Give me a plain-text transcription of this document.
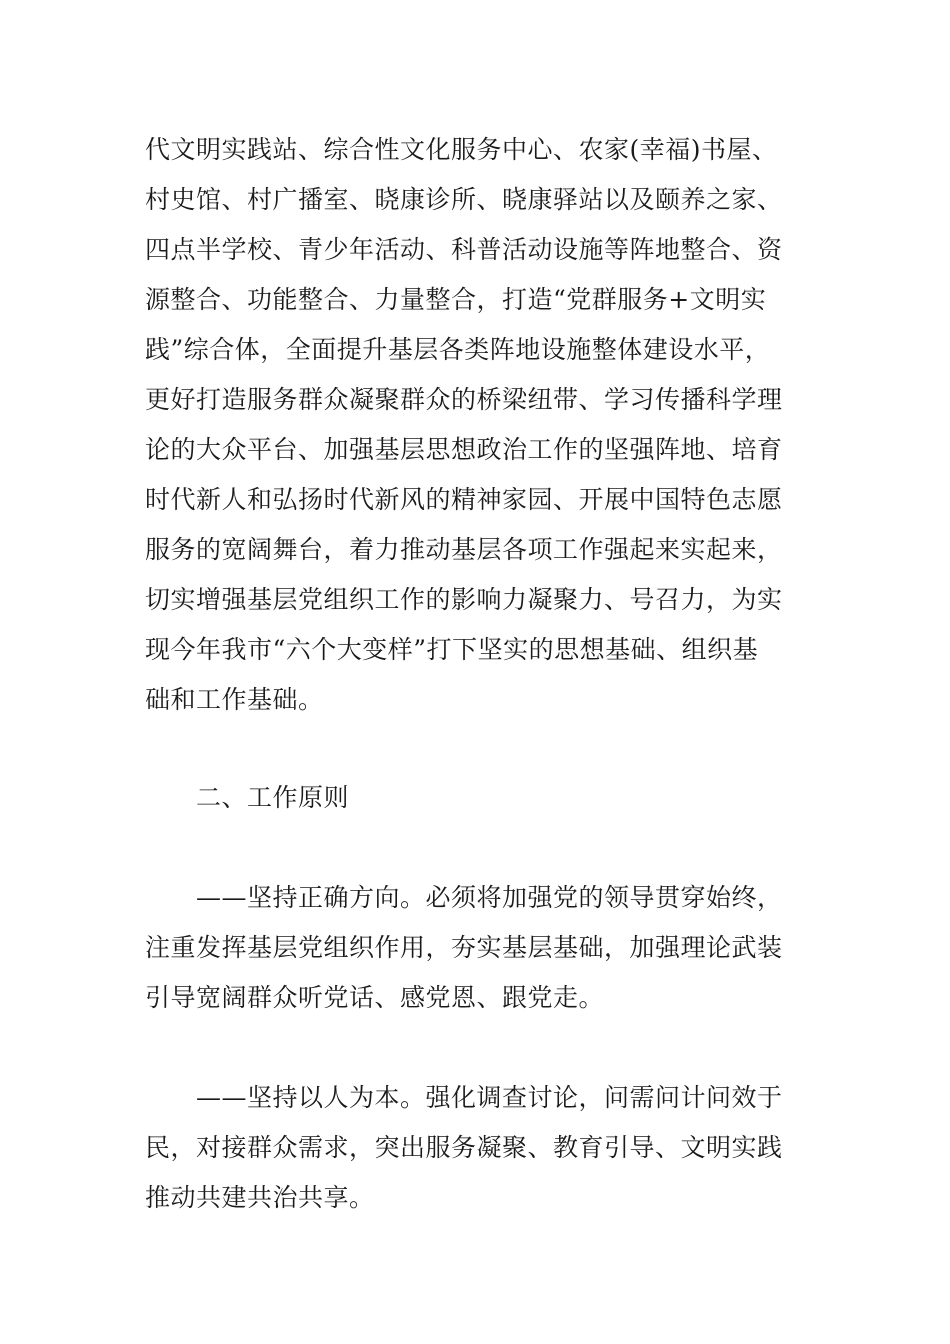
代文明实践站、综合性文化服务中心、农家(幸福)书屋、
村史馆、村广播室、晓康诊所、晓康驿站以及颐养之家、
四点半学校、青少年活动、科普活动设施等阵地整合、资
源整合、功能整合、力量整合，打造“党群服务+文明实
践”综合体，全面提升基层各类阵地设施整体建设水平，
更好打造服务群众凝聚群众的桥梁纽带、学习传播科学理
论的大众平台、加强基层思想政治工作的坚强阵地、培育
时代新人和弘扬时代新风的精神家园、开展中国特色志愿
服务的宽阔舞台，着力推动基层各项工作强起来实起来，
切实增强基层党组织工作的影响力凝聚力、号召力，为实
现今年我市“六个大变样”打下坚实的思想基础、组织基
础和工作基础。
二、工作原则
——坚持正确方向。必须将加强党的领导贯穿始终，
注重发挥基层党组织作用，夯实基层基础，加强理论武装
引导宽阔群众听党话、感党恩、跟党走。
——坚持以人为本。强化调查讨论，问需问计问效于
民，对接群众需求，突出服务凝聚、教育引导、文明实践
推动共建共治共享。
